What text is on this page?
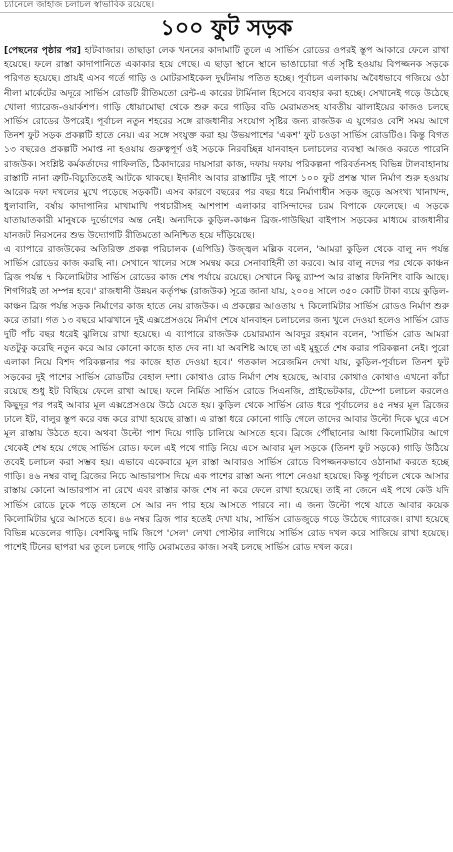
চ্যানেলে জাহাজ চলাচল স্বাভাবিক রয়েছে।
১০০ ফুট সড়ক

[পেছনের পৃষ্ঠার পর] হাটবাজার। তাছাড়া লেক খননের কাদামাটি তুলে এ সার্ভিস রোডের ওপরই স্তূপ আকারে ফেলে রাখা হয়েছে। ফলে রাস্তা কাদাপানিতে একাকার হয়ে গেছে। এ ছাড়া স্থানে স্থানে ভাঙাচোরা গর্ত সৃষ্টি হওয়ায় বিপজ্জনক সড়কে পরিণত হয়েছে। প্রায়ই এসব গর্তে গাড়ি ও মোটরসাইকেল দুর্ঘটনায় পতিত হচ্ছে। পূর্বাচল এলাকায় অবৈধভাবে গজিয়ে ওঠা নীলা মার্কেটের অদূরে সার্ভিস রোডটি রীতিমতো রেন্ট-এ কারের টার্মিনাল হিসেবে ব্যবহার করা হচ্ছে। সেখানেই গড়ে উঠেছে খোলা গ্যারেজ-ওয়ার্কশপ। গাড়ি ধোয়ামোছা থেকে শুরু করে গাড়ির বডি মেরামতসহ যাবতীয় ঝালাইয়ের কাজও চলছে সার্ভিস রোডের উপরেই। পূর্বাচল নতুন শহরের সঙ্গে রাজধানীর সংযোগ সৃষ্টির জন্য রাজউক এ যুগেরও বেশি সময় আগে তিনশ ফুট সড়ক প্রকল্পটি হাতে নেয়। এর সঙ্গে সংযুক্ত করা হয় উভয়পাশের 'একশ' ফুট চওড়া সার্ভিস রোডটিও। কিন্তু বিগত ১৩ বছরেও প্রকল্পটি সমাপ্ত না হওয়ায় গুরুত্বপূর্ণ ওই সড়কে নিরবচ্ছিন্ন যানবাহন চলাচলের ব্যবস্থা আজও করতে পারেনি রাজউক। সংশ্লিষ্ট কর্মকর্তাদের গাফিলতি, ঠিকাদারের দায়সারা কাজ, দফায় দফায় পরিকল্পনা পরিবর্তনসহ বিভিন্ন টালবাহানায় রাস্তাটি নানা ত্রুটি-বিচ্যুতিতেই আটকে থাকছে। ইদানীং আবার রাস্তাটির দুই পাশে ১০০ ফুট প্রশস্ত খাল নির্মাণ শুরু হওয়ায় আরেক দফা দখলের মুখে পড়েছে সড়কটি। এসব কারণে বছরের পর বছর ধরে নির্মাণাধীন সড়ক জুড়ে অসংখ্য খানাখন্দ, ধুলাবালি, বর্ষায় কাদাপানির মাখামাখি পথচারীসহ আশপাশ এলাকার বাসিন্দাদের চরম বিপাকে ফেলেছে। এ সড়কে যাতায়াতকারী মানুষকে দুর্ভোগের অন্ত নেই। অন্যদিকে কুড়িল-কাঞ্চন ব্রিজ-গাউছিয়া বাইপাস সড়কের মাধ্যমে রাজধানীর যানজট নিরসনের শুভ উদ্যোগটি রীতিমতো অনিশ্চিত হয়ে দাঁড়িয়েছে।

এ ব্যাপারে রাজউকের অতিরিক্ত প্রকল্প পরিচালক (এপিডি) উজ্জ্বল মল্লিক বলেন, 'আমরা কুড়িল থেকে বালু নদ পর্যন্ত সার্ভিস রোডের কাজ করছি না। সেখানে খালের সঙ্গে সমন্বয় করে সেনাবাহিনী তা করবে। আর বালু নদের পর থেকে কাঞ্চন ব্রিজ পর্যন্ত ৭ কিলোমিটার সার্ভিস রোডের কাজ শেষ পর্যায়ে রয়েছে। সেখানে কিছু র‍্যাম্প আর রাস্তার ফিনিশিং বাকি আছে। শিগগিরই তা সম্পন্ন হবে।' রাজধানী উন্নয়ন কর্তৃপক্ষ (রাজউক) সূত্রে জানা যায়, ২০০৪ সালে ৩৫০ কোটি টাকা ব্যয়ে কুড়িল-কাঞ্চন ব্রিজ পর্যন্ত সড়ক নির্মাণের কাজ হাতে নেয় রাজউক। এ প্রকল্পের আওতায় ৭ কিলোমিটার সার্ভিস রোডও নির্মাণ শুরু করে তারা। গত ১৩ বছরে মাঝখানে দুই এক্সপ্রেসওয়ে নির্মাণ শেষে যানবাহন চলাচলের জন্য খুলে দেওয়া হলেও সার্ভিস রোড দুটি পাঁচ বছর ধরেই ঝুলিয়ে রাখা হয়েছে। এ ব্যাপারে রাজউক চেয়ারম্যান আবদুর রহমান বলেন, 'সার্ভিস রোড আমরা যতটুকু করেছি নতুন করে আর কোনো কাজে হাত দেব না। যা অবশিষ্ট আছে তা এই মুহূর্তে শেষ করার পরিকল্পনা নেই। পুরো এলাকা নিয়ে বিশদ পরিকল্পনার পর কাজে হাত দেওয়া হবে।' গতকাল সরেজমিন দেখা যায়, কুড়িল-পূর্বাচল তিনশ ফুট সড়কের দুই পাশের সার্ভিস রোডটির বেহাল দশা। কোথাও রোড নির্মাণ শেষ হয়েছে, আবার কোথাও কোথাও এখনো কাঁচা রয়েছে শুধু ইট বিছিয়ে ফেলে রাখা আছে। ফলে নির্মিত সার্ভিস রোডে সিএনজি, প্রাইভেটকার, টেম্পো চলাচল করলেও কিছুদূর পর পরই আবার মূল এক্সপ্রেসওয়ে উঠে যেতে হয়। কুড়িল থেকে সার্ভিস রোড ধরে পূর্বাচলের ৪৫ নম্বর মূল ব্রিজের ঢালে ইট, বালুর স্তূপ করে বন্ধ করে রাখা হয়েছে রাস্তা। এ রাস্তা ধরে কোনো গাড়ি গেলে তাদের আবার উল্টো দিকে ঘুরে এসে মূল রাস্তায় উঠতে হবে। অথবা উল্টো পাশ দিয়ে গাড়ি চালিয়ে আসতে হবে। ব্রিজে পৌঁছানোর আধা কিলোমিটার আগে থেকেই শেষ হয়ে গেছে সার্ভিস রোড। ফলে এই পথে গাড়ি নিয়ে এসে আবার মূল সড়কে (তিনশ ফুট সড়কে) গাড়ি উঠিয়ে তবেই চলাচল করা সম্ভব হয়। এভাবে একেবারে মূল রাস্তা আবারও সার্ভিস রোডে বিপজ্জনকভাবে ওঠানামা করতে হচ্ছে গাড়ি। ৪৬ নম্বর বালু ব্রিজের নিচে আন্ডারপাস দিয়ে এক পাশের রাস্তা অন্য পাশে নেওয়া হয়েছে। কিন্তু পূর্বাচল থেকে আসার রাস্তায় কোনো আন্ডারপাস না রেখে এবং রাস্তার কাজ শেষ না করে ফেলে রাখা হয়েছে। তাই না জেনে এই পথে কেউ যদি সার্ভিস রোডে ঢুকে পড়ে তাহলে সে আর নদ পার হয়ে আসতে পারবে না। এ জন্য উল্টো পথে যাতে আবার কয়েক কিলোমিটার ঘুরে আসতে হবে। ৪৬ নম্বর ব্রিজ পার হতেই দেখা যায়, সার্ভিস রোডজুড়ে গড়ে উঠেছে গ্যারেজ। রাখা হয়েছে বিভিন্ন মডেলের গাড়ি। বেশকিছু দামি জিপে 'সেল' লেখা পোস্টার লাগিয়ে সার্ভিস রোড দখল করে সাজিয়ে রাখা হয়েছে। পাশেই টিনের ছাপরা ঘর তুলে চলছে গাড়ি মেরামতের কাজ। সবই চলছে সার্ভিস রোড দখল করে।
